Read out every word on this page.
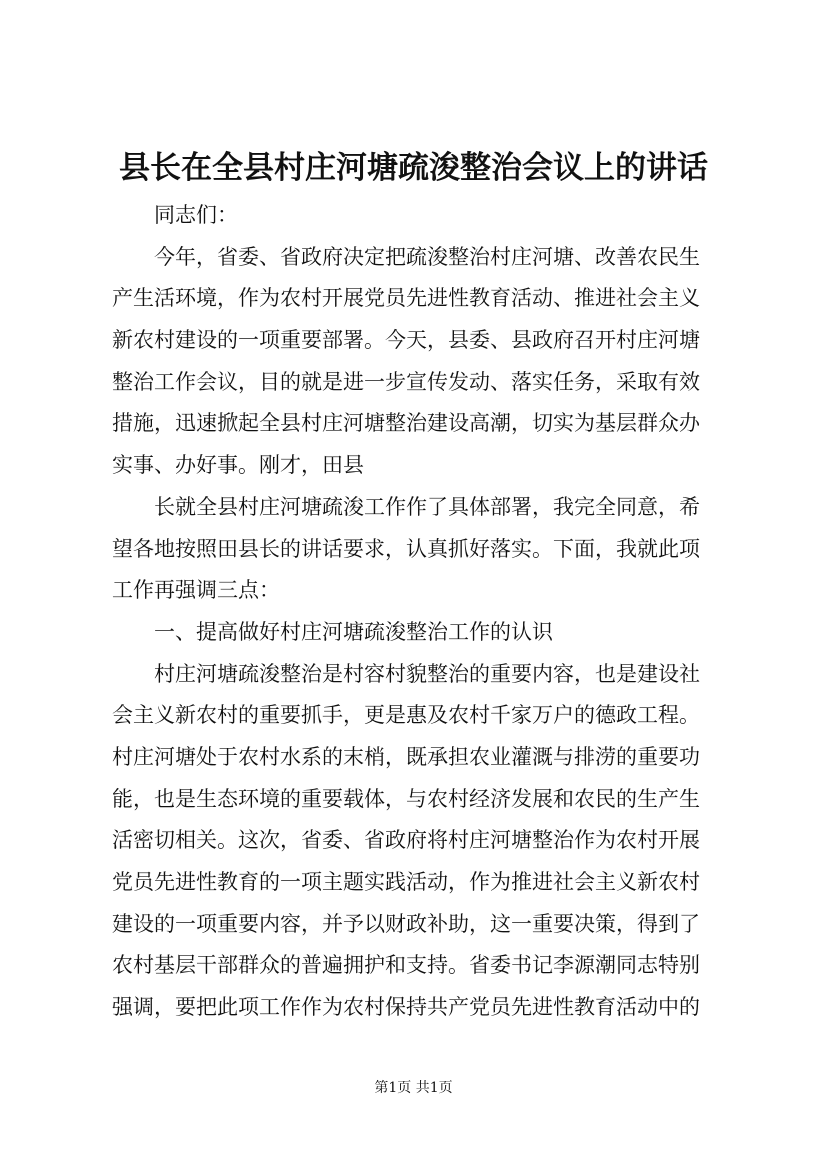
县长在全县村庄河塘疏浚整治会议上的讲话
同志们：
今年，省委、省政府决定把疏浚整治村庄河塘、改善农民生
产生活环境，作为农村开展党员先进性教育活动、推进社会主义
新农村建设的一项重要部署。今天，县委、县政府召开村庄河塘
整治工作会议，目的就是进一步宣传发动、落实任务，采取有效
措施，迅速掀起全县村庄河塘整治建设高潮，切实为基层群众办
实事、办好事。刚才，田县
长就全县村庄河塘疏浚工作作了具体部署，我完全同意，希
望各地按照田县长的讲话要求，认真抓好落实。下面，我就此项
工作再强调三点：
一、提高做好村庄河塘疏浚整治工作的认识
村庄河塘疏浚整治是村容村貌整治的重要内容，也是建设社
会主义新农村的重要抓手，更是惠及农村千家万户的德政工程。
村庄河塘处于农村水系的末梢，既承担农业灌溉与排涝的重要功
能，也是生态环境的重要载体，与农村经济发展和农民的生产生
活密切相关。这次，省委、省政府将村庄河塘整治作为农村开展
党员先进性教育的一项主题实践活动，作为推进社会主义新农村
建设的一项重要内容，并予以财政补助，这一重要决策，得到了
农村基层干部群众的普遍拥护和支持。省委书记李源潮同志特别
强调，要把此项工作作为农村保持共产党员先进性教育活动中的
第1页 共1页
